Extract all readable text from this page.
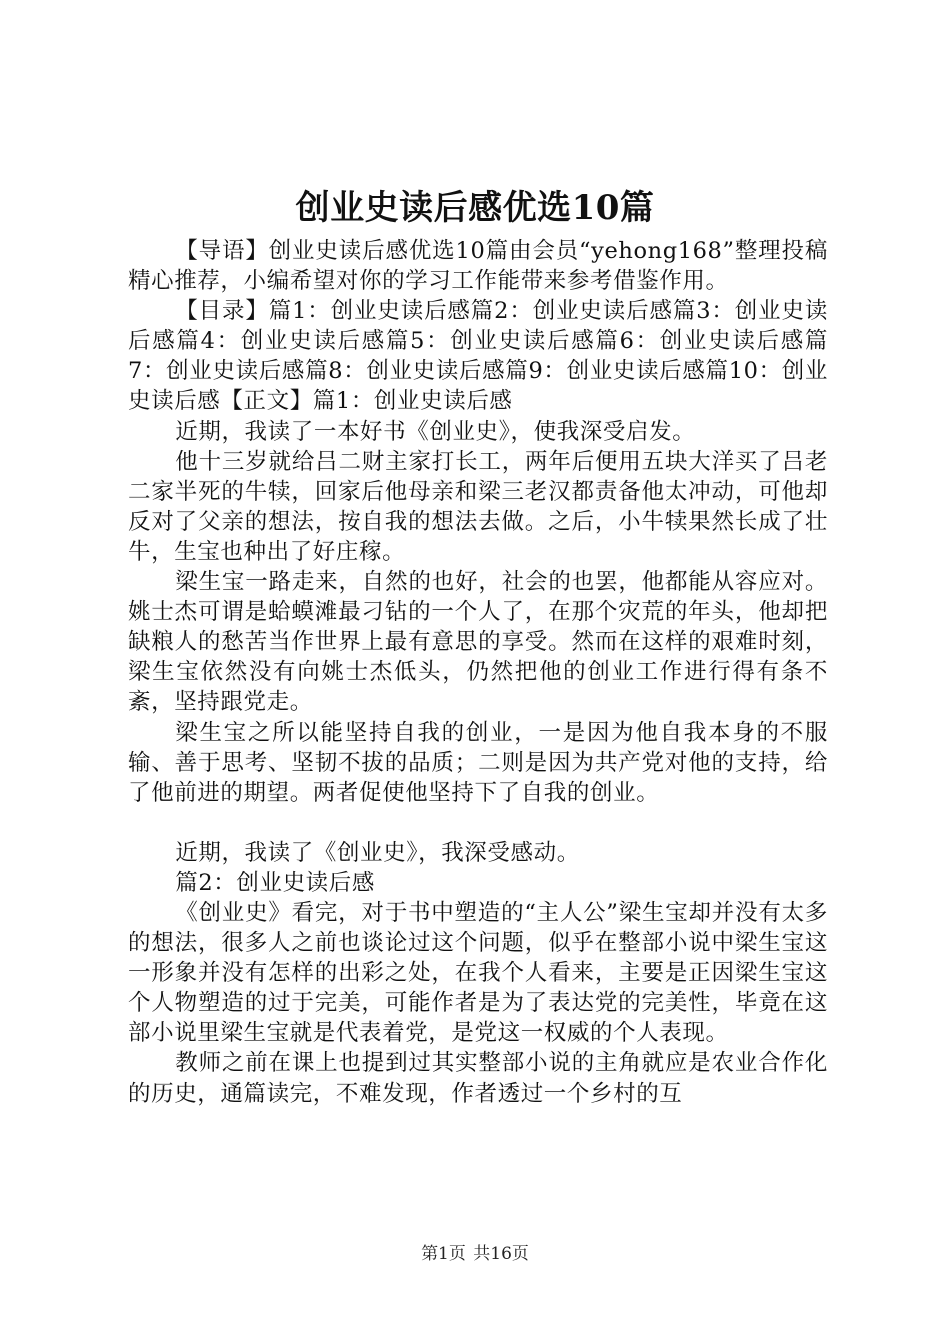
创业史读后感优选10篇

【导语】创业史读后感优选10篇由会员“yehong168”整理投稿精心推荐，小编希望对你的学习工作能带来参考借鉴作用。

【目录】篇1：创业史读后感篇2：创业史读后感篇3：创业史读后感篇4：创业史读后感篇5：创业史读后感篇6：创业史读后感篇7：创业史读后感篇8：创业史读后感篇9：创业史读后感篇10：创业史读后感【正文】篇1：创业史读后感

近期，我读了一本好书《创业史》，使我深受启发。

他十三岁就给吕二财主家打长工，两年后便用五块大洋买了吕老二家半死的牛犊，回家后他母亲和梁三老汉都责备他太冲动，可他却反对了父亲的想法，按自我的想法去做。之后，小牛犊果然长成了壮牛，生宝也种出了好庄稼。

梁生宝一路走来，自然的也好，社会的也罢，他都能从容应对。姚士杰可谓是蛤蟆滩最刁钻的一个人了，在那个灾荒的年头，他却把缺粮人的愁苦当作世界上最有意思的享受。然而在这样的艰难时刻，梁生宝依然没有向姚士杰低头，仍然把他的创业工作进行得有条不紊，坚持跟党走。

梁生宝之所以能坚持自我的创业，一是因为他自我本身的不服输、善于思考、坚韧不拔的品质；二则是因为共产党对他的支持，给了他前进的期望。两者促使他坚持下了自我的创业。

近期，我读了《创业史》，我深受感动。

篇2：创业史读后感

《创业史》看完，对于书中塑造的“主人公”梁生宝却并没有太多的想法，很多人之前也谈论过这个问题，似乎在整部小说中梁生宝这一形象并没有怎样的出彩之处，在我个人看来，主要是正因梁生宝这个人物塑造的过于完美，可能作者是为了表达党的完美性，毕竟在这部小说里梁生宝就是代表着党，是党这一权威的个人表现。

教师之前在课上也提到过其实整部小说的主角就应是农业合作化的历史，通篇读完，不难发现，作者透过一个乡村的互

第1页 共16页
